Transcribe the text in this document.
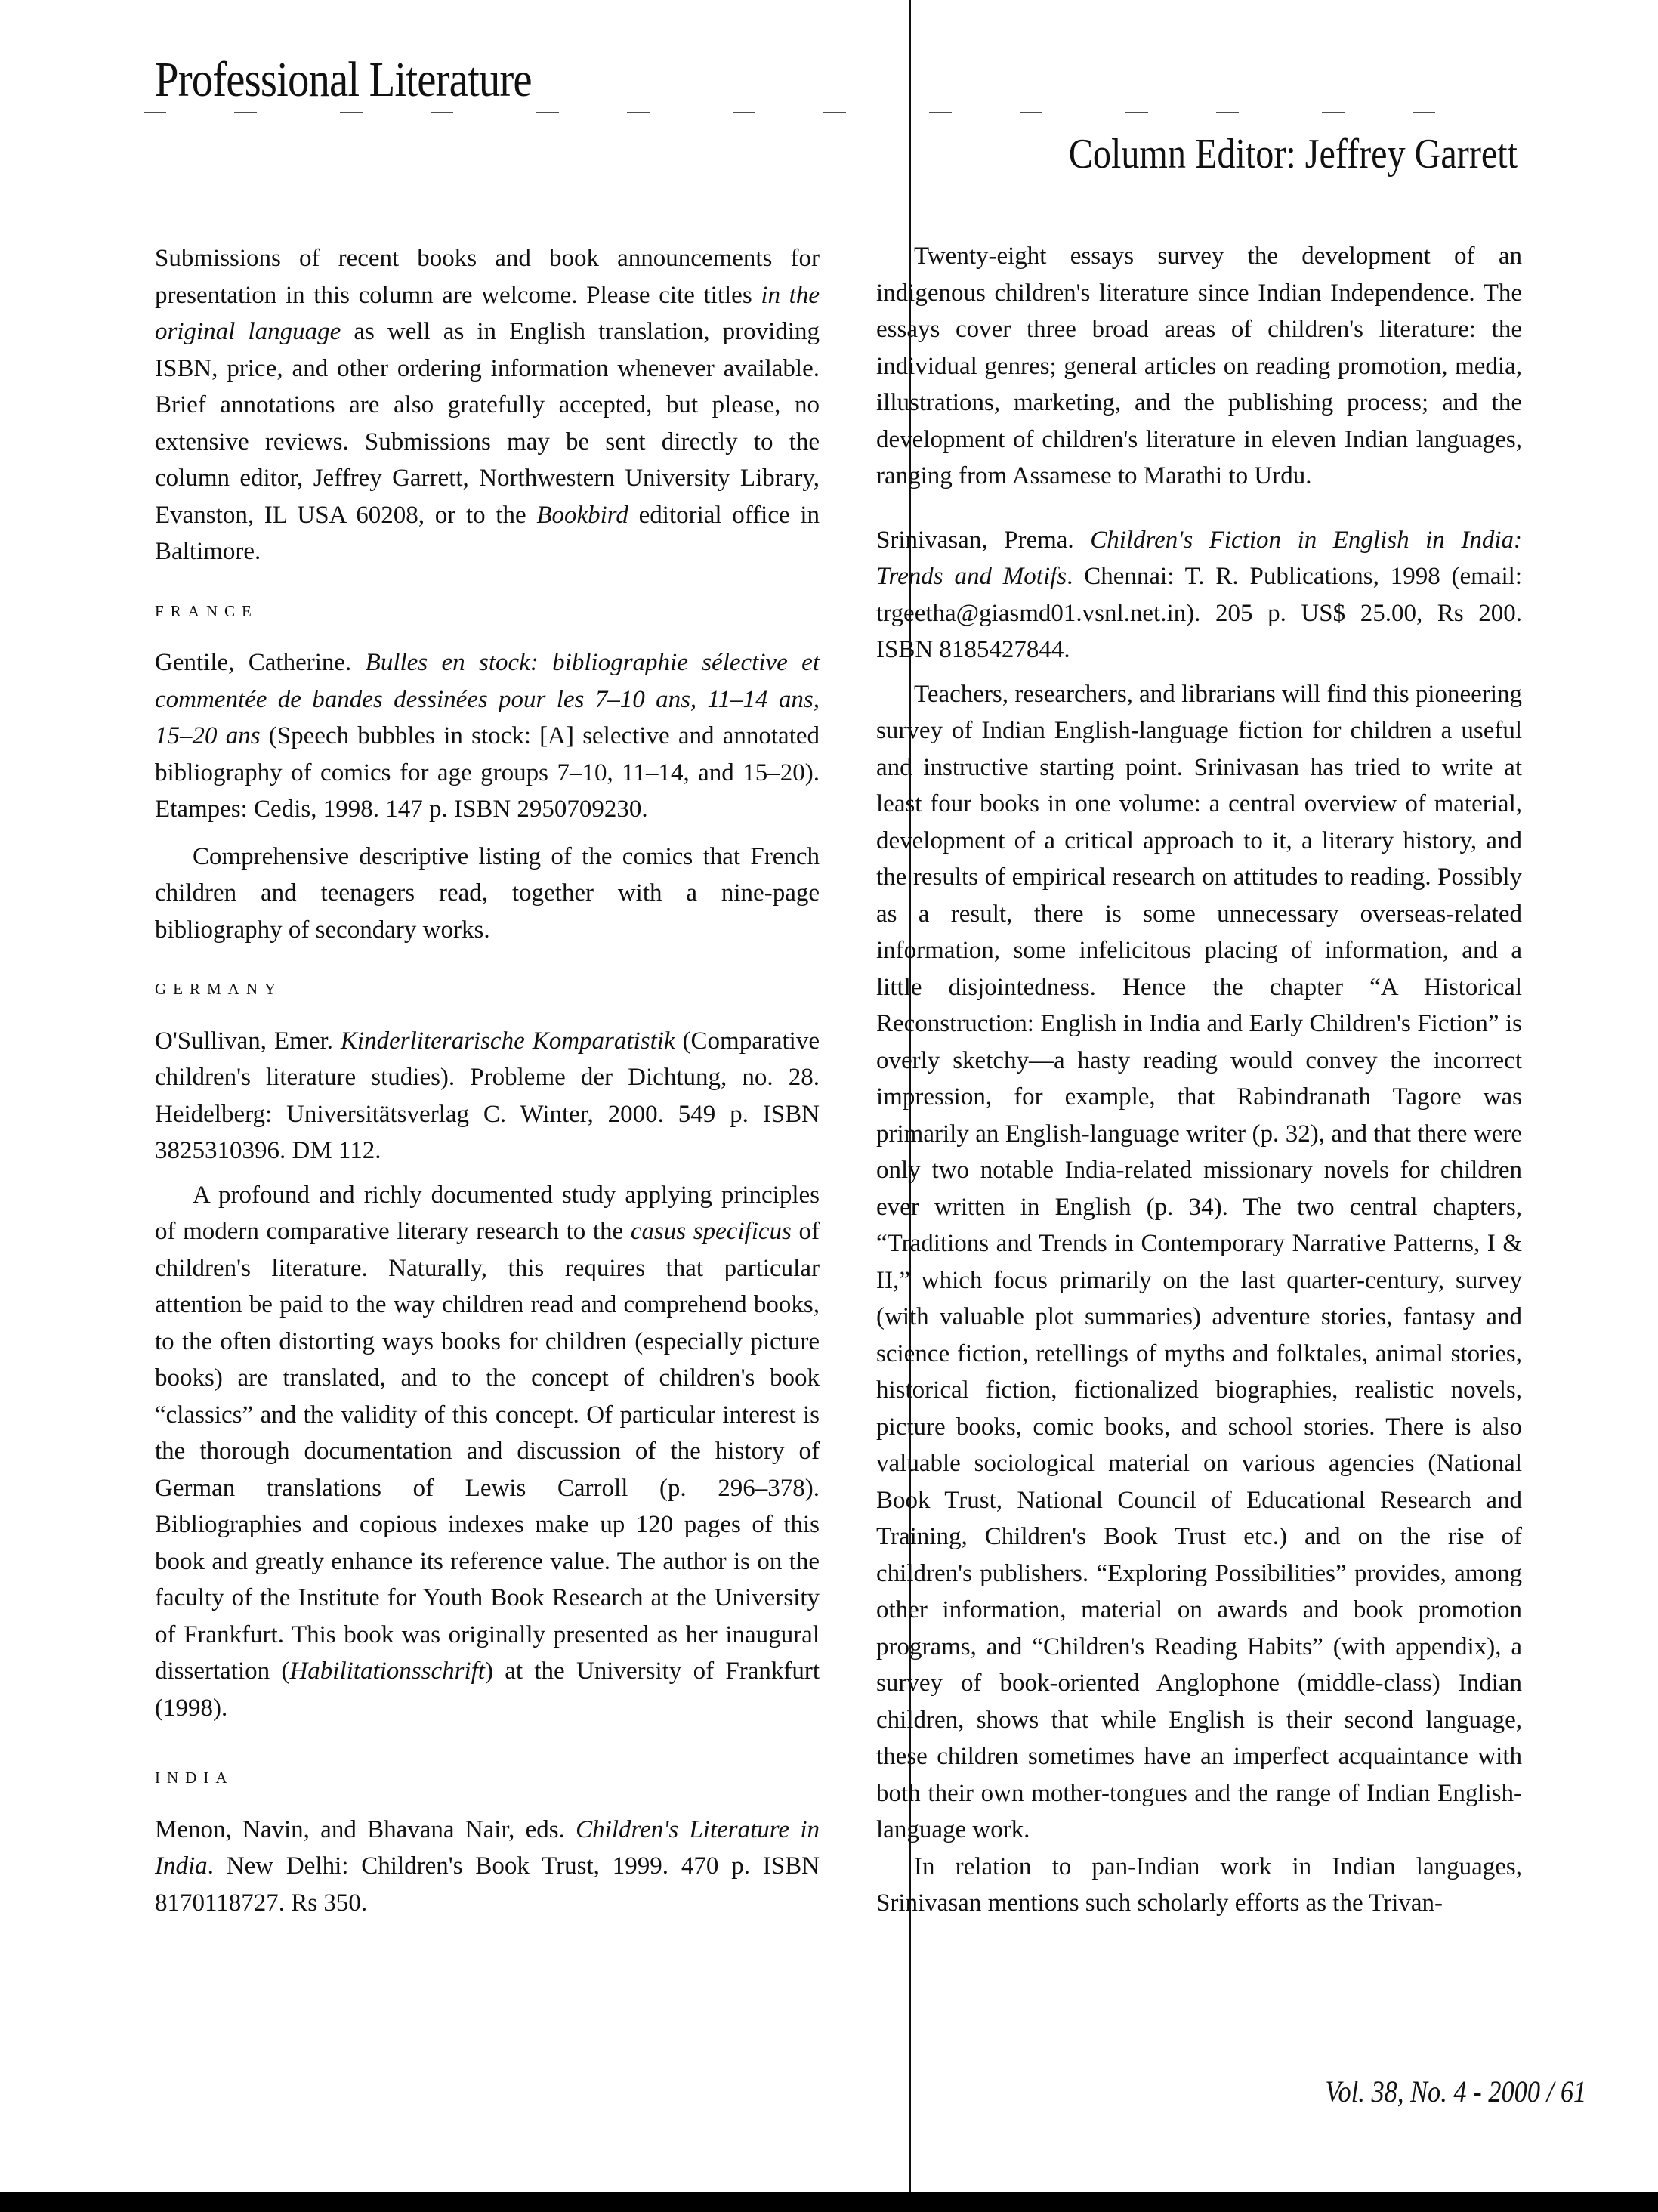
Professional Literature
Column Editor: Jeffrey Garrett

Submissions of recent books and book announcements for presentation in this column are welcome. Please cite titles in the original language as well as in English translation, providing ISBN, price, and other ordering information whenever available. Brief annotations are also gratefully accepted, but please, no extensive reviews. Submissions may be sent directly to the column editor, Jeffrey Garrett, Northwestern University Library, Evanston, IL USA 60208, or to the Bookbird editorial office in Baltimore.

FRANCE

Gentile, Catherine. Bulles en stock: bibliographie sélective et commentée de bandes dessinées pour les 7–10 ans, 11–14 ans, 15–20 ans (Speech bubbles in stock: [A] selective and annotated bibliography of comics for age groups 7–10, 11–14, and 15–20). Etampes: Cedis, 1998. 147 p. ISBN 2950709230.

Comprehensive descriptive listing of the comics that French children and teenagers read, together with a nine-page bibliography of secondary works.

GERMANY

O'Sullivan, Emer. Kinderliterarische Komparatistik (Comparative children's literature studies). Probleme der Dichtung, no. 28. Heidelberg: Universitätsverlag C. Winter, 2000. 549 p. ISBN 3825310396. DM 112.

A profound and richly documented study applying principles of modern comparative literary research to the casus specificus of children's literature. Naturally, this requires that particular attention be paid to the way children read and comprehend books, to the often distorting ways books for children (especially picture books) are translated, and to the concept of children's book “classics” and the validity of this concept. Of particular interest is the thorough documentation and discussion of the history of German translations of Lewis Carroll (p. 296–378). Bibliographies and copious indexes make up 120 pages of this book and greatly enhance its reference value. The author is on the faculty of the Institute for Youth Book Research at the University of Frankfurt. This book was originally presented as her inaugural dissertation (Habilitationsschrift) at the University of Frankfurt (1998).

INDIA

Menon, Navin, and Bhavana Nair, eds. Children's Literature in India. New Delhi: Children's Book Trust, 1999. 470 p. ISBN 8170118727. Rs 350.

Twenty-eight essays survey the development of an indigenous children's literature since Indian Independence. The essays cover three broad areas of children's literature: the individual genres; general articles on reading promotion, media, illustrations, marketing, and the publishing process; and the development of children's literature in eleven Indian languages, ranging from Assamese to Marathi to Urdu.

Srinivasan, Prema. Children's Fiction in English in India: Trends and Motifs. Chennai: T. R. Publications, 1998 (email: trgeetha@giasmd01.vsnl.net.in). 205 p. US$ 25.00, Rs 200. ISBN 8185427844.

Teachers, researchers, and librarians will find this pioneering survey of Indian English-language fiction for children a useful and instructive starting point. Srinivasan has tried to write at least four books in one volume: a central overview of material, development of a critical approach to it, a literary history, and the results of empirical research on attitudes to reading. Possibly as a result, there is some unnecessary overseas-related information, some infelicitous placing of information, and a little disjointedness. Hence the chapter “A Historical Reconstruction: English in India and Early Children's Fiction” is overly sketchy—a hasty reading would convey the incorrect impression, for example, that Rabindranath Tagore was primarily an English-language writer (p. 32), and that there were only two notable India-related missionary novels for children ever written in English (p. 34). The two central chapters, “Traditions and Trends in Contemporary Narrative Patterns, I & II,” which focus primarily on the last quarter-century, survey (with valuable plot summaries) adventure stories, fantasy and science fiction, retellings of myths and folktales, animal stories, historical fiction, fictionalized biographies, realistic novels, picture books, comic books, and school stories. There is also valuable sociological material on various agencies (National Book Trust, National Council of Educational Research and Training, Children's Book Trust etc.) and on the rise of children's publishers. “Exploring Possibilities” provides, among other information, material on awards and book promotion programs, and “Children's Reading Habits” (with appendix), a survey of book-oriented Anglophone (middle-class) Indian children, shows that while English is their second language, these children sometimes have an imperfect acquaintance with both their own mother-tongues and the range of Indian English-language work.

In relation to pan-Indian work in Indian languages, Srinivasan mentions such scholarly efforts as the Trivan-

Vol. 38, No. 4 - 2000 / 61
